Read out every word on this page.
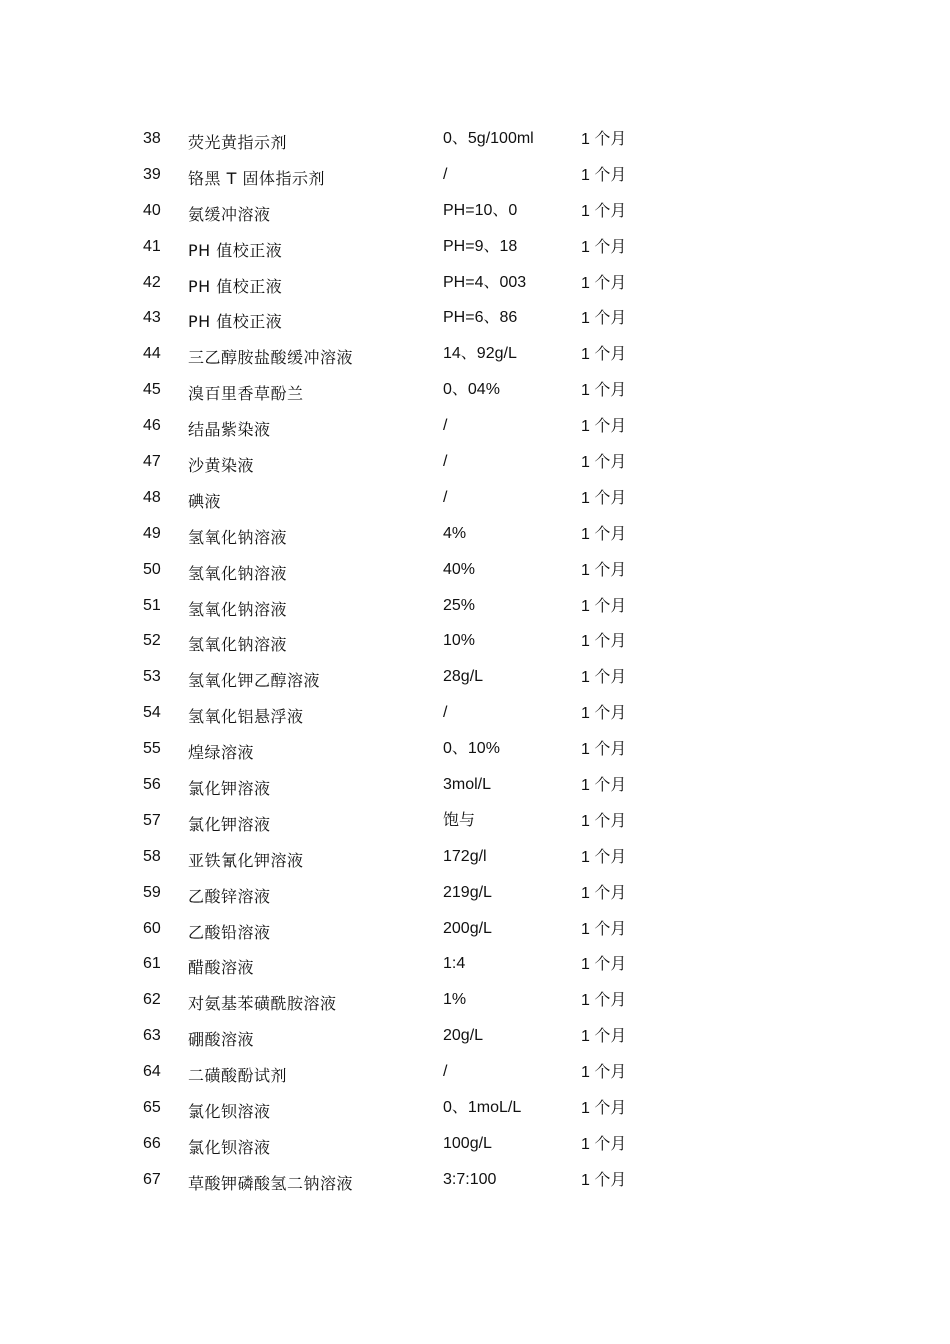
38 荧光黄指示剂	0、5g/100ml	1 个月
39 铬黑 T 固体指示剂	/	1 个月
40 氨缓冲溶液	PH=10、0	1 个月
41 PH 值校正液	PH=9、18	1 个月
42 PH 值校正液	PH=4、003	1 个月
43 PH 值校正液	PH=6、86	1 个月
44 三乙醇胺盐酸缓冲溶液	14、92g/L	1 个月
45 溴百里香草酚兰	0、04%	1 个月
46 结晶紫染液	/	1 个月
47 沙黄染液	/	1 个月
48 碘液	/	1 个月
49 氢氧化钠溶液	4%	1 个月
50 氢氧化钠溶液	40%	1 个月
51 氢氧化钠溶液	25%	1 个月
52 氢氧化钠溶液	10%	1 个月
53 氢氧化钾乙醇溶液	28g/L	1 个月
54 氢氧化铝悬浮液	/	1 个月
55 煌绿溶液	0、10%	1 个月
56 氯化钾溶液	3mol/L	1 个月
57 氯化钾溶液	饱与	1 个月
58 亚铁氰化钾溶液	172g/l	1 个月
59 乙酸锌溶液	219g/L	1 个月
60 乙酸铅溶液	200g/L	1 个月
61 醋酸溶液	1:4	1 个月
62 对氨基苯磺酰胺溶液	1%	1 个月
63 硼酸溶液	20g/L	1 个月
64 二磺酸酚试剂	/	1 个月
65 氯化钡溶液	0、1moL/L	1 个月
66 氯化钡溶液	100g/L	1 个月
67 草酸钾磷酸氢二钠溶液	3:7:100	1 个月
